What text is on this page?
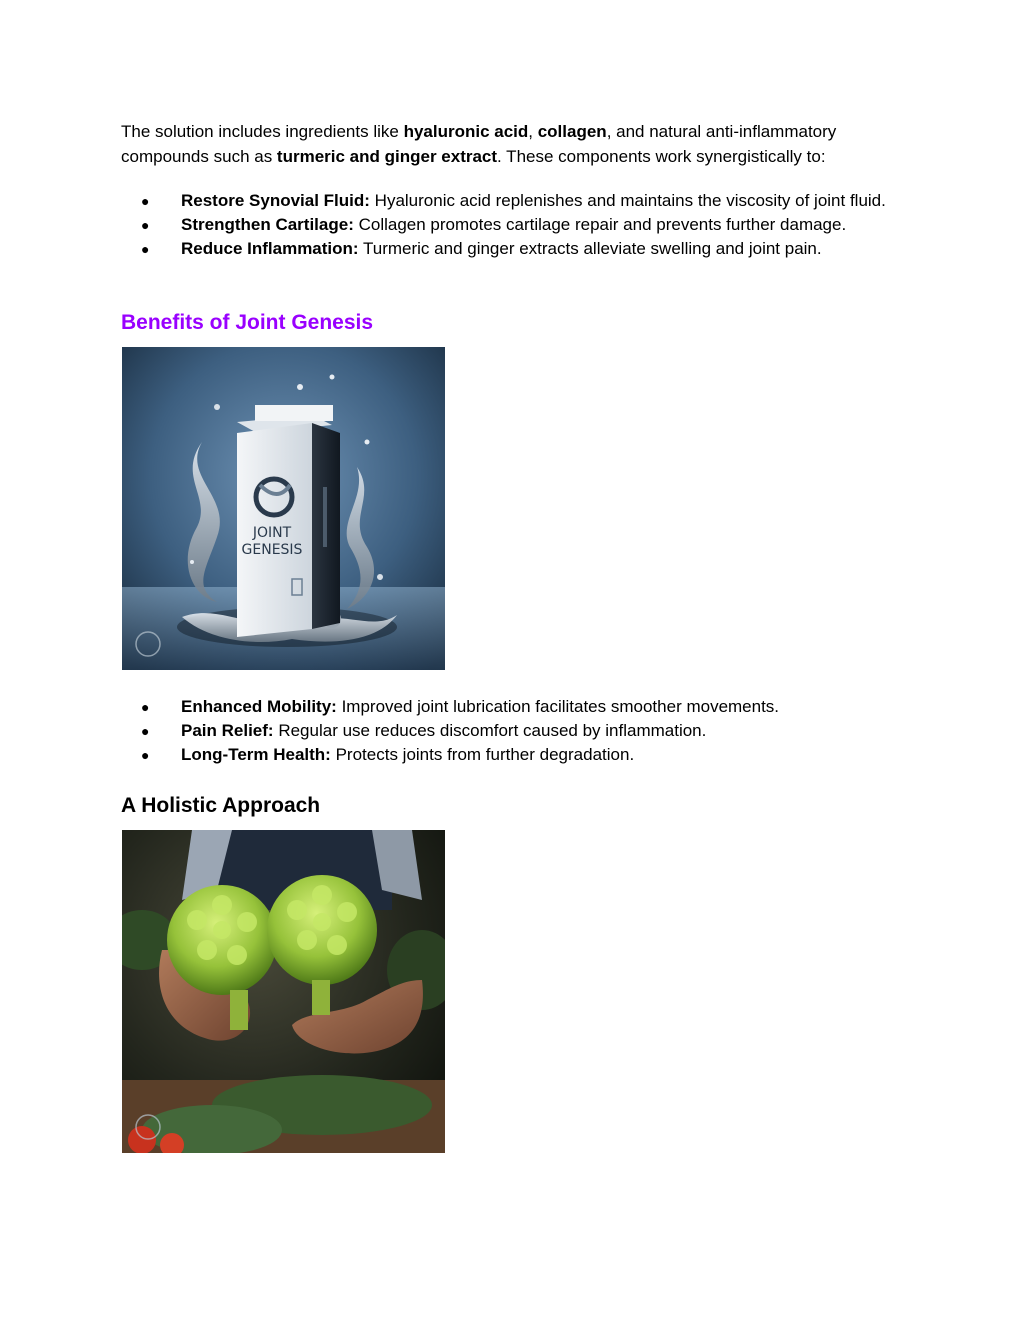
The solution includes ingredients like hyaluronic acid, collagen, and natural anti-inflammatory compounds such as turmeric and ginger extract. These components work synergistically to:

● Restore Synovial Fluid: Hyaluronic acid replenishes and maintains the viscosity of joint fluid.
● Strengthen Cartilage: Collagen promotes cartilage repair and prevents further damage.
● Reduce Inflammation: Turmeric and ginger extracts alleviate swelling and joint pain.
Benefits of Joint Genesis
JOINT
GENESIS
● Enhanced Mobility: Improved joint lubrication facilitates smoother movements.
● Pain Relief: Regular use reduces discomfort caused by inflammation.
● Long-Term Health: Protects joints from further degradation.
A Holistic Approach
